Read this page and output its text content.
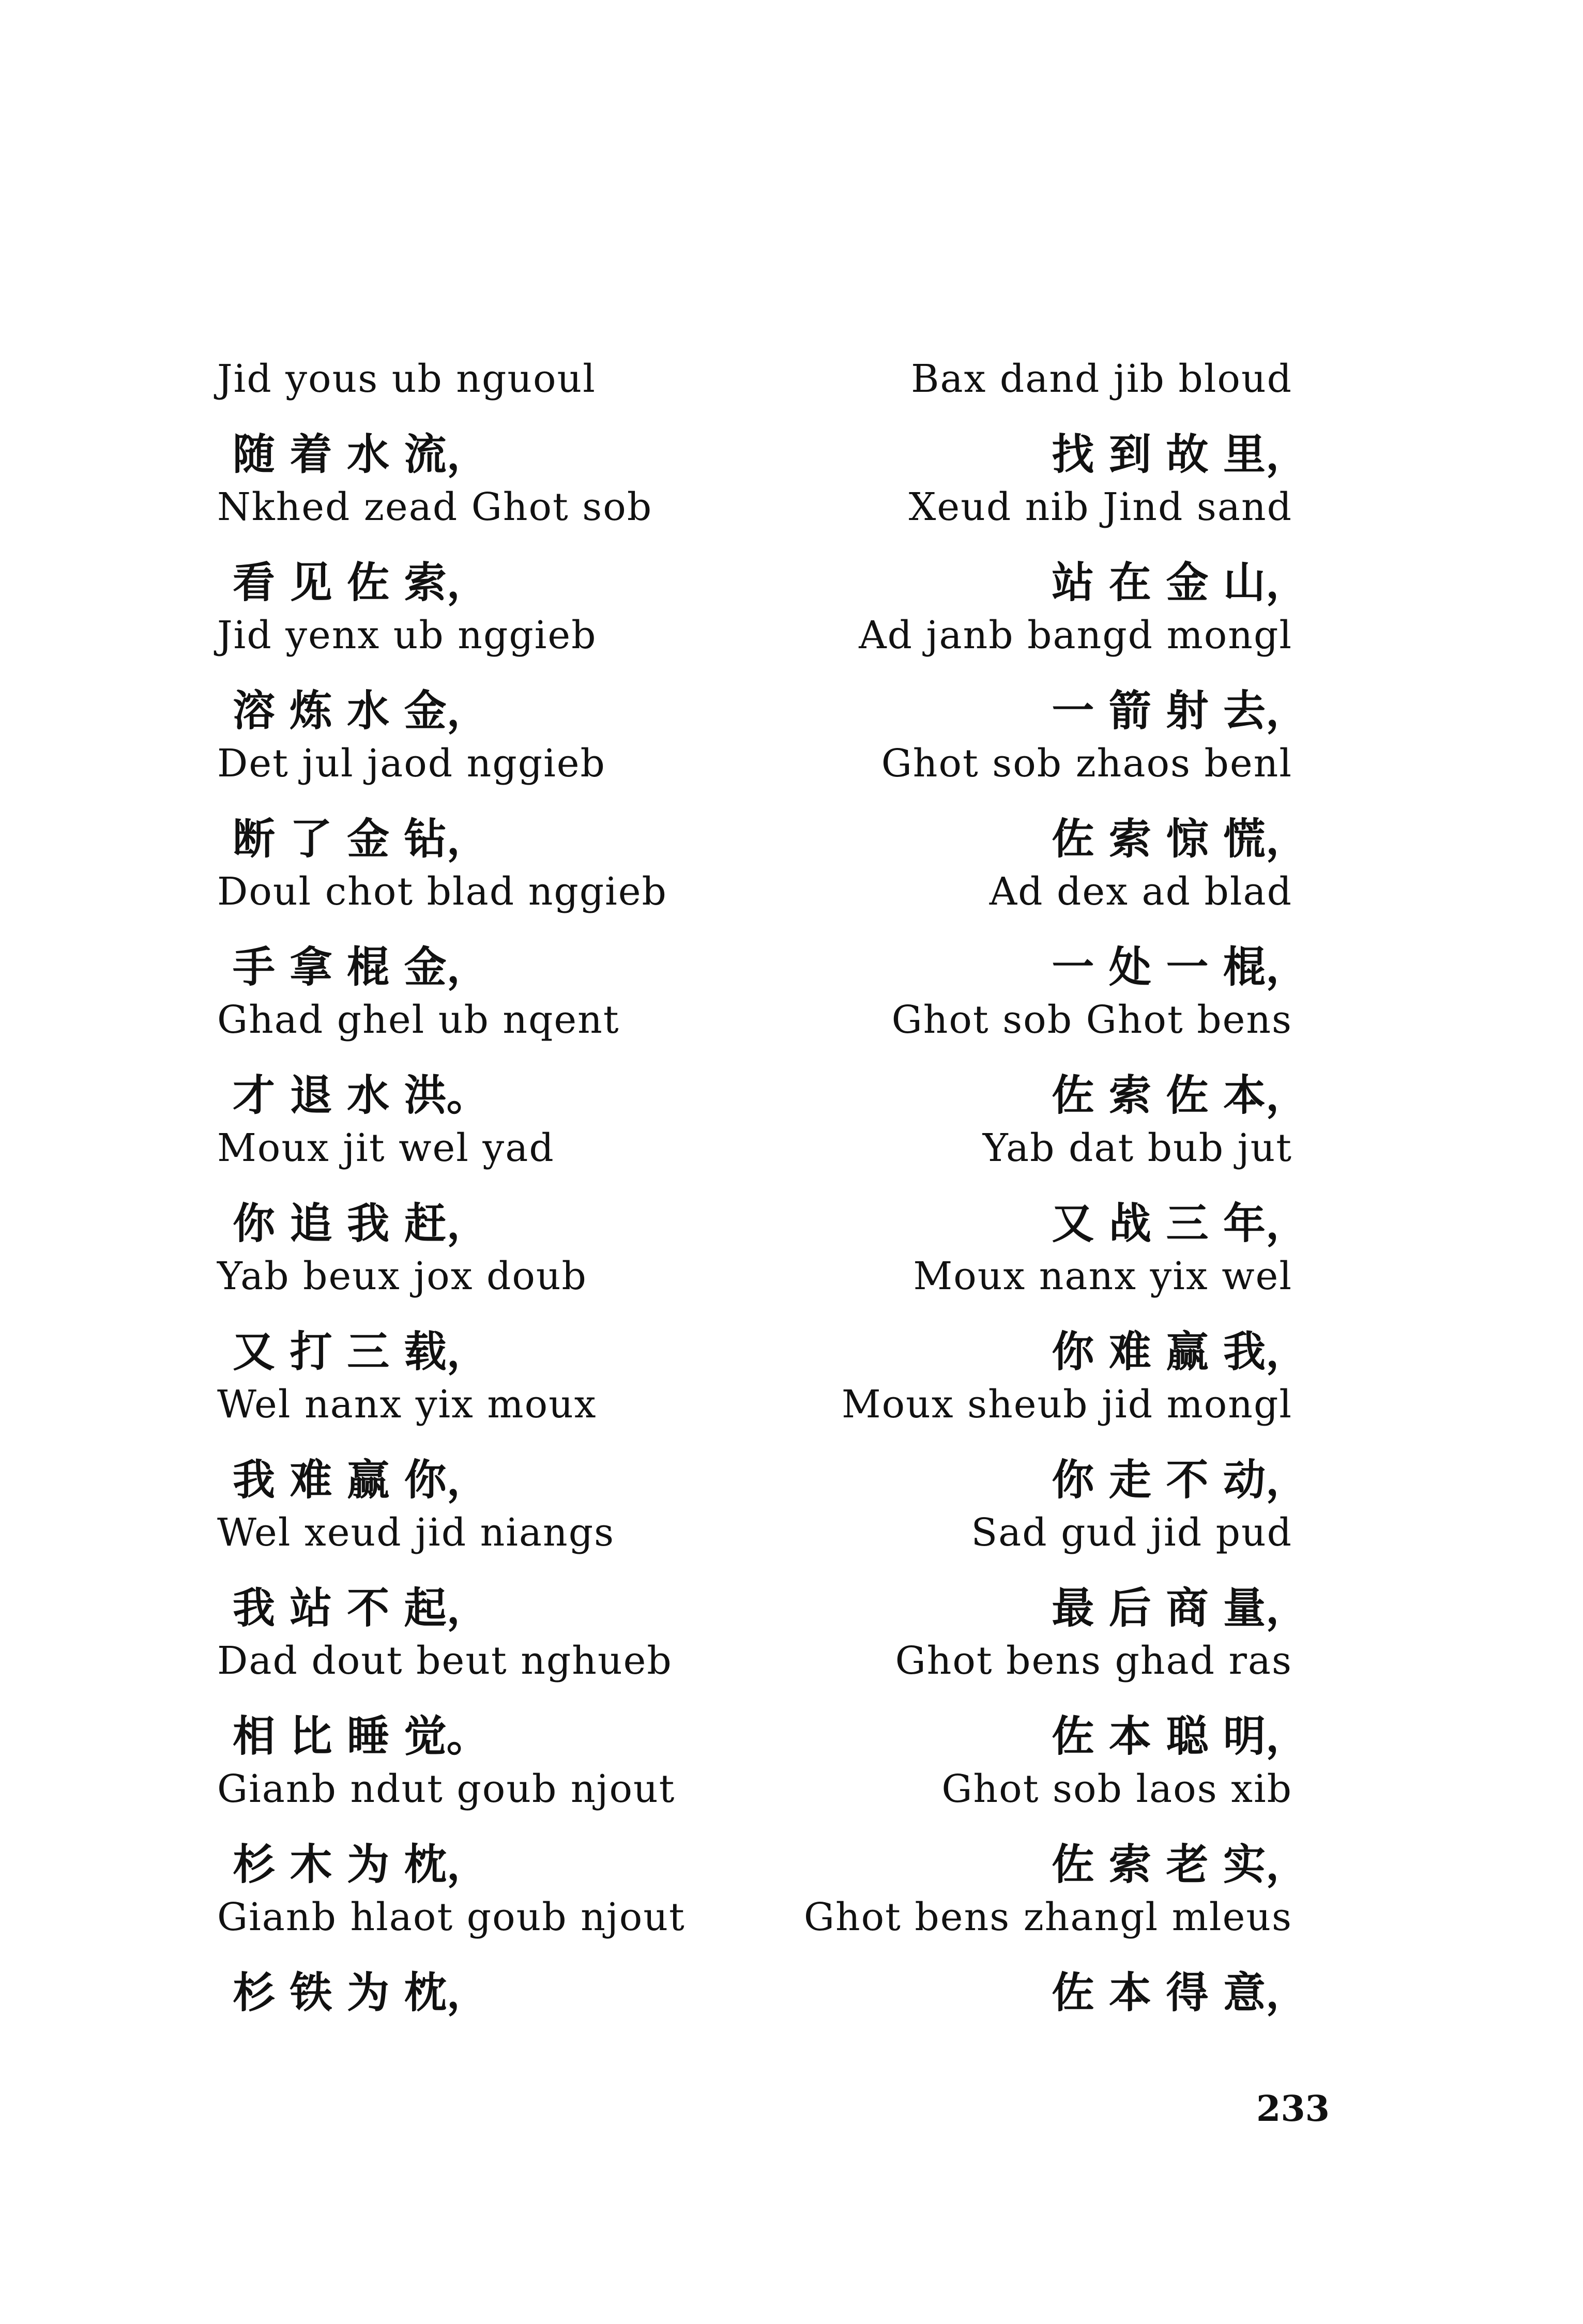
Jid yous ub nguoul	Bax dand jib bloud
随 着 水 流，	找 到 故 里，
Nkhed zead Ghot sob	Xeud nib Jind sand
看 见 佐 索，	站 在 金 山，
Jid yenx ub nggieb	Ad janb bangd mongl
溶 炼 水 金，	一 箭 射 去，
Det jul jaod nggieb	Ghot sob zhaos benl
断 了 金 钻，	佐 索 惊 慌，
Doul chot blad nggieb	Ad dex ad blad
手 拿 棍 金，	一 处 一 棍，
Ghad ghel ub nqent	Ghot sob Ghot bens
才 退 水 洪。	佐 索 佐 本，
Moux jit wel yad	Yab dat bub jut
你 追 我 赶，	又 战 三 年，
Yab beux jox doub	Moux nanx yix wel
又 打 三 载，	你 难 赢 我，
Wel nanx yix moux	Moux sheub jid mongl
我 难 赢 你，	你 走 不 动，
Wel xeud jid niangs	Sad gud jid pud
我 站 不 起，	最 后 商 量，
Dad dout beut nghueb	Ghot bens ghad ras
相 比 睡 觉。	佐 本 聪 明，
Gianb ndut goub njout	Ghot sob laos xib
杉 木 为 枕，	佐 索 老 实，
Gianb hlaot goub njout	Ghot bens zhangl mleus
杉 铁 为 枕，	佐 本 得 意，
233
